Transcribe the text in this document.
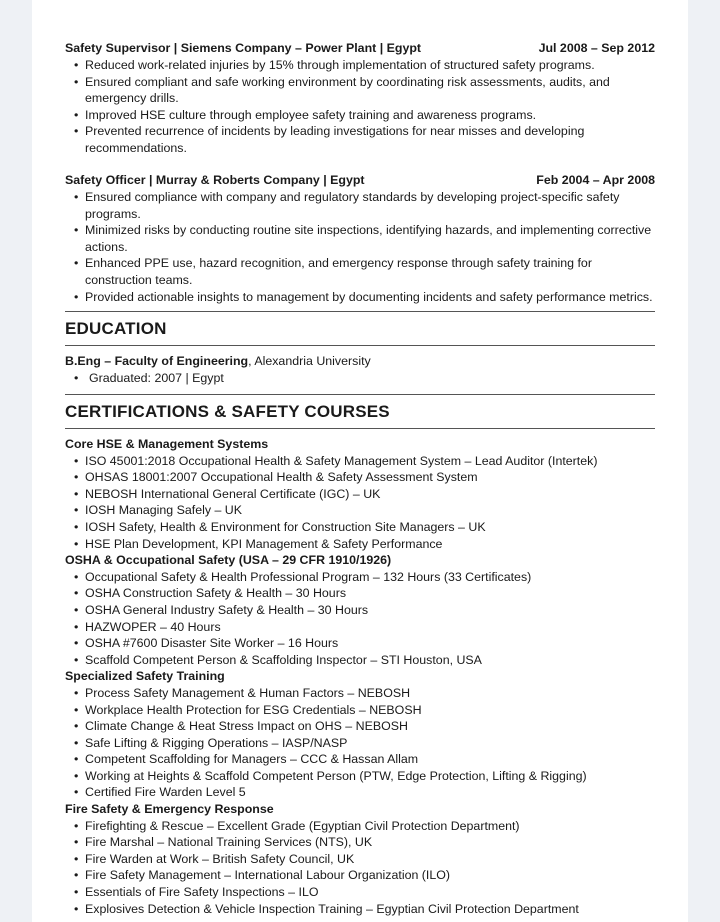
Safety Supervisor | Siemens Company – Power Plant | Egypt	Jul 2008 – Sep 2012
• Reduced work-related injuries by 15% through implementation of structured safety programs.
• Ensured compliant and safe working environment by coordinating risk assessments, audits, and emergency drills.
• Improved HSE culture through employee safety training and awareness programs.
• Prevented recurrence of incidents by leading investigations for near misses and developing recommendations.
Safety Officer | Murray & Roberts Company | Egypt	Feb 2004 – Apr 2008
• Ensured compliance with company and regulatory standards by developing project-specific safety programs.
• Minimized risks by conducting routine site inspections, identifying hazards, and implementing corrective actions.
• Enhanced PPE use, hazard recognition, and emergency response through safety training for construction teams.
• Provided actionable insights to management by documenting incidents and safety performance metrics.
EDUCATION
B.Eng – Faculty of Engineering, Alexandria University
• Graduated: 2007 | Egypt
CERTIFICATIONS & SAFETY COURSES
Core HSE & Management Systems
• ISO 45001:2018 Occupational Health & Safety Management System – Lead Auditor (Intertek)
• OHSAS 18001:2007 Occupational Health & Safety Assessment System
• NEBOSH International General Certificate (IGC) – UK
• IOSH Managing Safely – UK
• IOSH Safety, Health & Environment for Construction Site Managers – UK
• HSE Plan Development, KPI Management & Safety Performance
OSHA & Occupational Safety (USA – 29 CFR 1910/1926)
• Occupational Safety & Health Professional Program – 132 Hours (33 Certificates)
• OSHA Construction Safety & Health – 30 Hours
• OSHA General Industry Safety & Health – 30 Hours
• HAZWOPER – 40 Hours
• OSHA #7600 Disaster Site Worker – 16 Hours
• Scaffold Competent Person & Scaffolding Inspector – STI Houston, USA
Specialized Safety Training
• Process Safety Management & Human Factors – NEBOSH
• Workplace Health Protection for ESG Credentials – NEBOSH
• Climate Change & Heat Stress Impact on OHS – NEBOSH
• Safe Lifting & Rigging Operations – IASP/NASP
• Competent Scaffolding for Managers – CCC & Hassan Allam
• Working at Heights & Scaffold Competent Person (PTW, Edge Protection, Lifting & Rigging)
• Certified Fire Warden Level 5
Fire Safety & Emergency Response
• Firefighting & Rescue – Excellent Grade (Egyptian Civil Protection Department)
• Fire Marshal – National Training Services (NTS), UK
• Fire Warden at Work – British Safety Council, UK
• Fire Safety Management – International Labour Organization (ILO)
• Essentials of Fire Safety Inspections – ILO
• Explosives Detection & Vehicle Inspection Training – Egyptian Civil Protection Department
